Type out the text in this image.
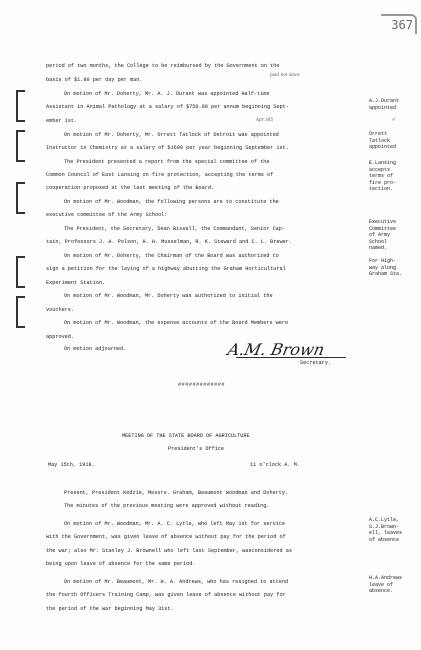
367
paid not since
Apr 365	✓
period of two months, the College to be reimbursed by the Government on the
basis of $1.80 per day per man.
On motion of Mr. Doherty, Mr. A. J. Durant was appointed Half-time
Assistant in Animal Pathology at a salary of $750.00 per annum beginning Sept-
ember 1st.
On motion of Mr. Doherty, Mr. Orrett Tatlock of Detroit was appointed
Instructor in Chemistry at a salary of $1600 per year beginning September 1st.
The President presented a report from the special committee of the
Common Council of East Lansing on fire protection, accepting the terms of
cooperation proposed at the last meeting of the Board.
On motion of Mr. Woodman, the following persons are to constitute the
executive committee of the Army School:
The President, the Secretary, Dean Bissell, the Commandant, Senior Cap-
tain, Professors J. A. Polson, H. H. Musselman, R. K. Steward and C. L. Brewer.
On motion of Mr. Doherty, the Chairman of the Board was authorized to
sign a petition for the laying of a highway abutting the Graham Horticultural
Experiment Station.
On motion of Mr. Woodman, Mr. Doherty was authorized to initial the
vouchers.
On motion of Mr. Woodman, the expense accounts of the Board Members were
approved.
On motion adjourned.	A.M. Brown
Secretary.
#############
MEETING OF THE STATE BOARD OF AGRICULTURE
President's Office
May 15th, 1918.	11 o'clock A. M.
Present, President Kedzie, Messrs. Graham, Beaumont Woodman and Doherty.
The minutes of the previous meeting were approved without reading.
On motion of Mr. Woodman, Mr. A. C. Lytle, who left May 1st for service
with the Government, was given leave of absence without pay for the period of
the war; also Mr. Stanley J. Brownell who left last September, wasconsidered as
being upon leave of absence for the same period.
On motion of Mr. Beaumont, Mr. H. A. Andrews, who has resigned to attend
the fourth Officers Training Camp, was given leave of absence without pay for
the period of the war beginning May 31st.
A.J.Durant
appointed
Orrett
Tatlock
appointed
E.Lansing
accepts
terms of
fire pro-
tection.
Executive
Committee
of Army
School
named.
For High-
way along
Graham Sta.
A.C.Lytle,
S.J.Brown-
ell, leaves
of absence
H.A.Andrews
leave of
absence.
